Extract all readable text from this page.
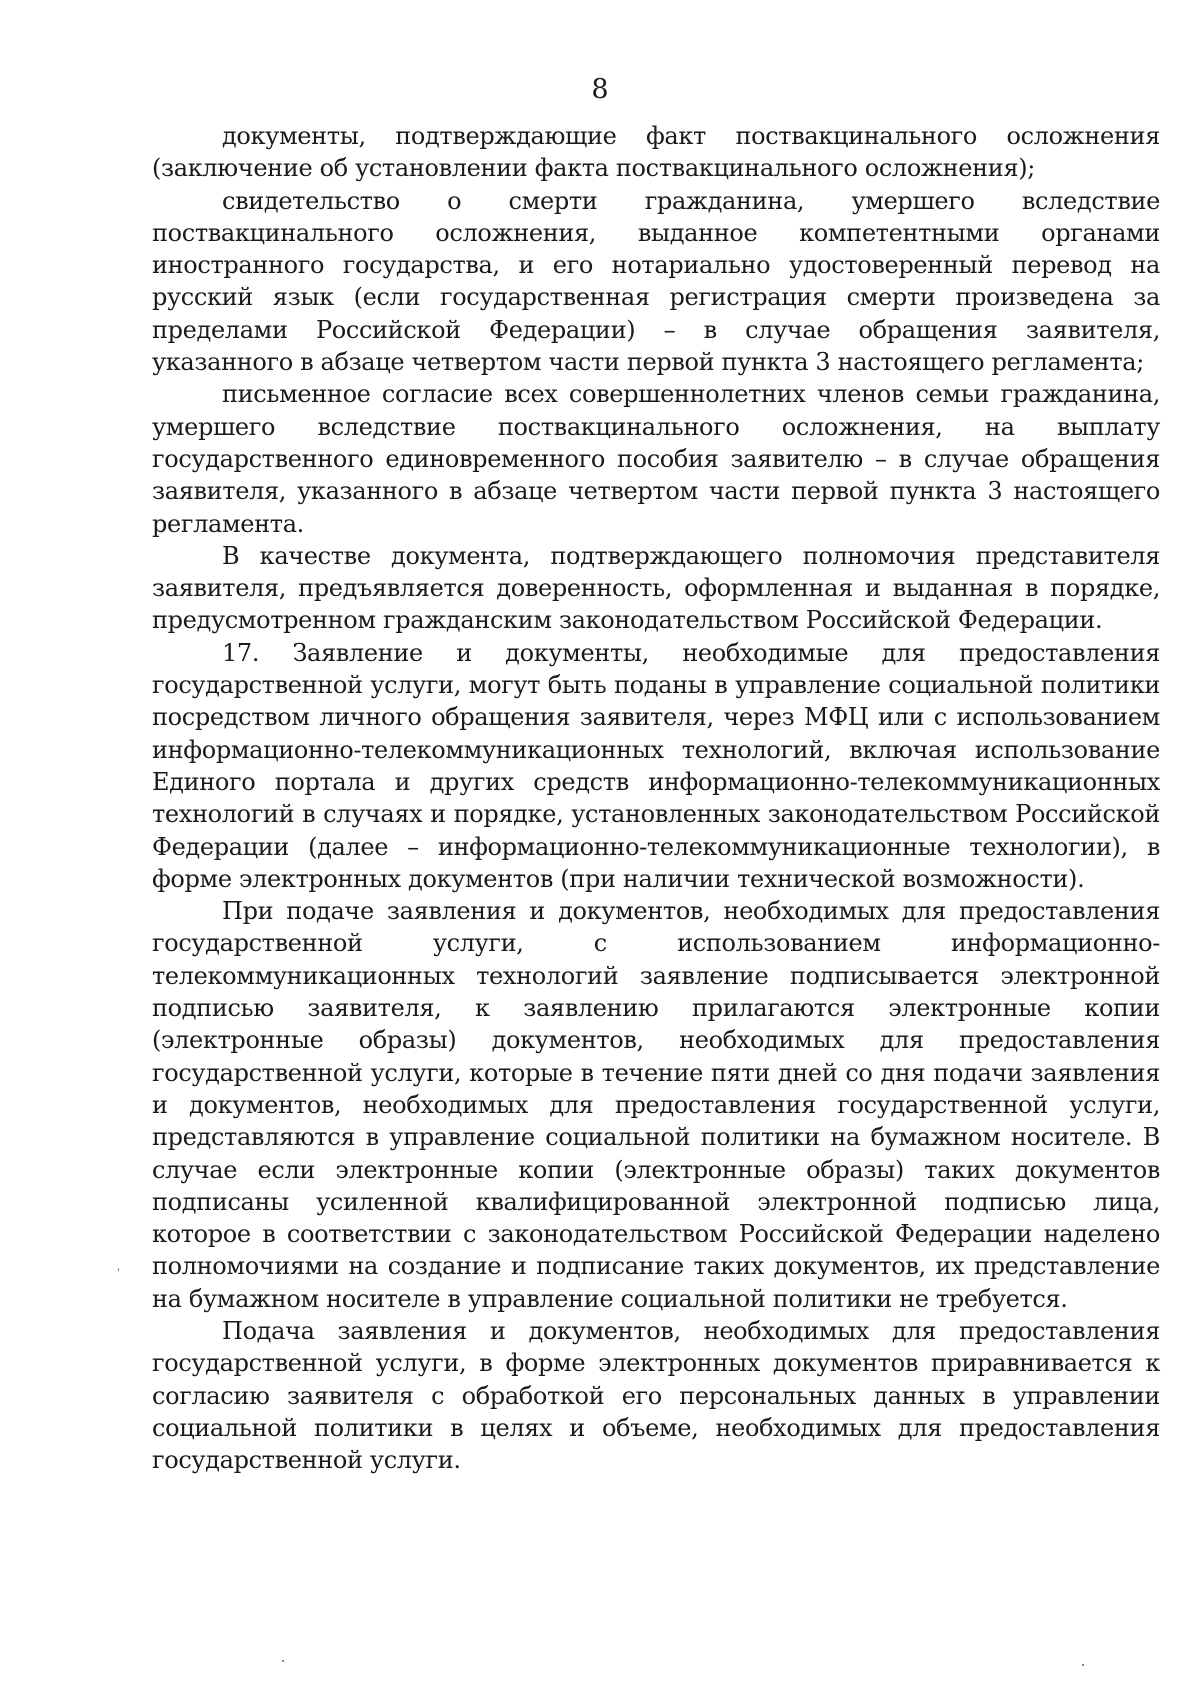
8

документы, подтверждающие факт поствакцинального осложнения (заключение об установлении факта поствакцинального осложнения);

свидетельство о смерти гражданина, умершего вследствие поствакцинального осложнения, выданное компетентными органами иностранного государства, и его нотариально удостоверенный перевод на русский язык (если государственная регистрация смерти произведена за пределами Российской Федерации) – в случае обращения заявителя, указанного в абзаце четвертом части первой пункта 3 настоящего регламента;

письменное согласие всех совершеннолетних членов семьи гражданина, умершего вследствие поствакцинального осложнения, на выплату государственного единовременного пособия заявителю – в случае обращения заявителя, указанного в абзаце четвертом части первой пункта 3 настоящего регламента.

В качестве документа, подтверждающего полномочия представителя заявителя, предъявляется доверенность, оформленная и выданная в порядке, предусмотренном гражданским законодательством Российской Федерации.

17. Заявление и документы, необходимые для предоставления государственной услуги, могут быть поданы в управление социальной политики посредством личного обращения заявителя, через МФЦ или с использованием информационно-телекоммуникационных технологий, включая использование Единого портала и других средств информационно-телекоммуникационных технологий в случаях и порядке, установленных законодательством Российской Федерации (далее – информационно-телекоммуникационные технологии), в форме электронных документов (при наличии технической возможности).

При подаче заявления и документов, необходимых для предоставления государственной услуги, с использованием информационно-телекоммуникационных технологий заявление подписывается электронной подписью заявителя, к заявлению прилагаются электронные копии (электронные образы) документов, необходимых для предоставления государственной услуги, которые в течение пяти дней со дня подачи заявления и документов, необходимых для предоставления государственной услуги, представляются в управление социальной политики на бумажном носителе. В случае если электронные копии (электронные образы) таких документов подписаны усиленной квалифицированной электронной подписью лица, которое в соответствии с законодательством Российской Федерации наделено полномочиями на создание и подписание таких документов, их представление на бумажном носителе в управление социальной политики не требуется.

Подача заявления и документов, необходимых для предоставления государственной услуги, в форме электронных документов приравнивается к согласию заявителя с обработкой его персональных данных в управлении социальной политики в целях и объеме, необходимых для предоставления государственной услуги.
